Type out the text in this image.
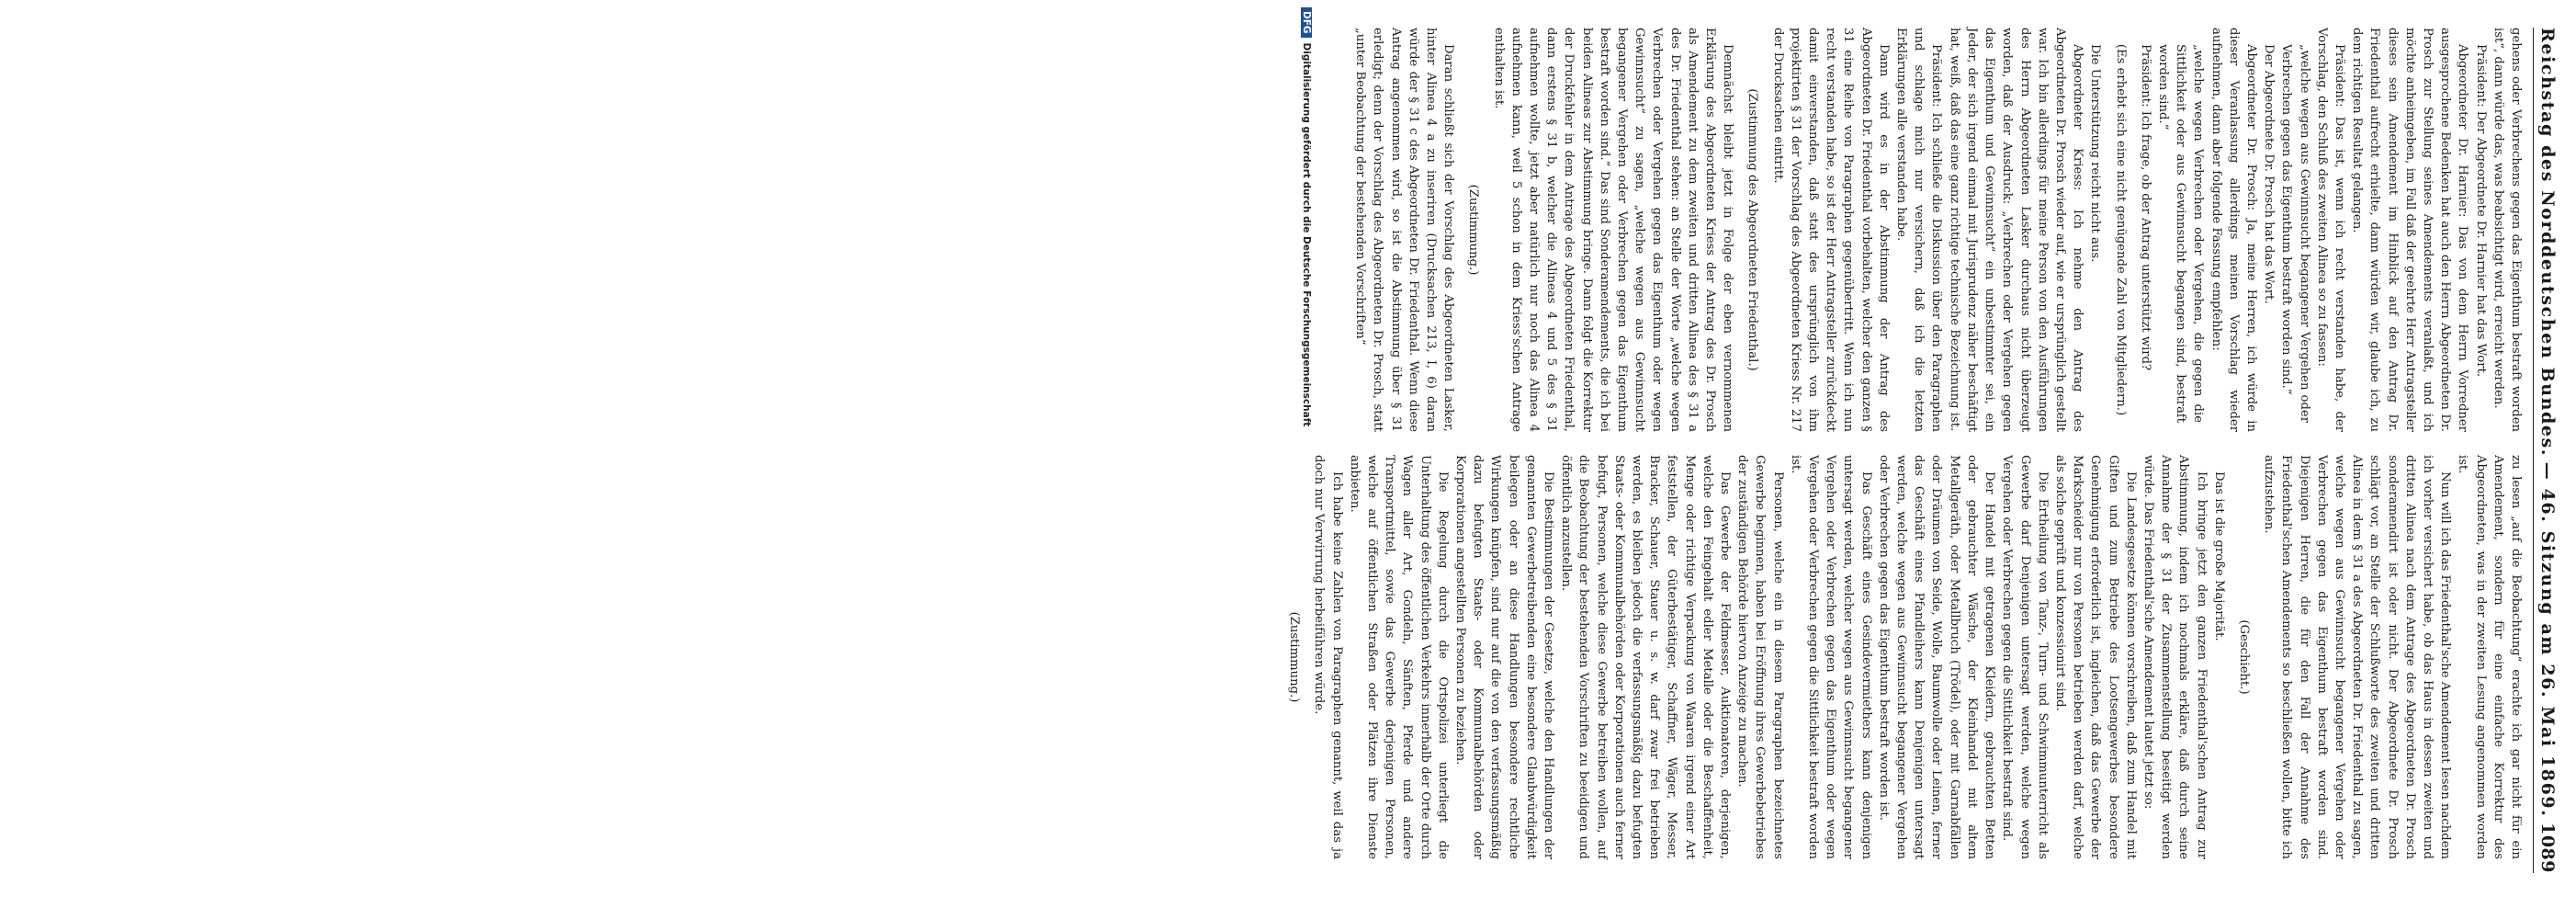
Reichstag des Norddeutschen Bundes.
— 46. Sitzung am 26. Mai 1869.
1089

gehens oder Verbrechens gegen das Eigenthum bestraft worden ist“, dann würde das, was beabsichtigt wird, erreicht werden.

Präsident: Der Abgeordnete Dr. Harnier hat das Wort.

Abgeordneter Dr. Harnier: Das von dem Herrn Vorredner ausgesprochene Bedenken hat auch den Herrn Abgeordneten Dr. Prosch zur Stellung seines Amendements veranlaßt, und ich möchte anheimgeben, im Fall daß der geehrte Herr Antragsteller dieses sein Amendement im Hinblick auf den Antrag Dr. Friedenthal aufrecht erhielte, dann würden wir, glaube ich, zu dem richtigen Resultat gelangen.

Präsident: Das ist, wenn ich recht verstanden habe, der Vorschlag, den Schluß des zweiten Alinea so zu fassen:

„welche wegen aus Gewinnsucht begangener Vergehen oder Verbrechen gegen das Eigenthum bestraft worden sind.“

Der Abgeordnete Dr. Prosch hat das Wort.

Abgeordneter Dr. Prosch: Ja, meine Herren, ich würde in dieser Veranlassung allerdings meinen Vorschlag wieder aufnehmen, dann aber folgende Fassung empfehlen:

„welche wegen Verbrechen oder Vergehen, die gegen die Sittlichkeit oder aus Gewinnsucht begangen sind, bestraft worden sind.“

Präsident: Ich frage, ob der Antrag unterstützt wird?

(Es erhebt sich eine nicht genügende Zahl von Mitgliedern.)

Die Unterstützung reicht nicht aus.

Abgeordneter Kriess: Ich nehme den Antrag des Abgeordneten Dr. Prosch wieder auf, wie er ursprünglich gestellt war. Ich bin allerdings für meine Person von den Ausführungen des Herrn Abgeordneten Lasker durchaus nicht überzeugt worden, daß der Ausdruck: „Verbrechen oder Vergehen gegen das Eigenthum und Gewinnsucht“ ein unbestimmter sei, ein Jeder, der sich irgend einmal mit Jurisprudenz näher beschäftigt hat, weiß, daß das eine ganz richtige technische Bezeichnung ist.

Präsident: Ich schließe die Diskussion über den Paragraphen und schlage mich nur versichern, daß ich die letzten Erklärungen alle verstanden habe.

Dann wird es in der Abstimmung der Antrag des Abgeordneten Dr. Friedenthal vorbehalten, welcher den ganzen § 31 eine Reihe von Paragraphen gegenübertritt. Wenn ich nun recht verstanden habe, so ist der Herr Antragsteller zurückdeckt damit einverstanden, daß statt des ursprünglich von ihm projektirten § 31 der Vorschlag des Abgeordneten Kriess Nr. 217 der Drucksachen eintritt.

(Zustimmung des Abgeordneten Friedenthal.)

Demnächst bleibt jetzt in Folge der eben vernommenen Erklärung des Abgeordneten Kriess der Antrag des Dr. Prosch als Amendement zu dem zweiten und dritten Alinea des § 31 a des Dr. Friedenthal stehen: an Stelle der Worte „welche wegen Verbrechen oder Vergehen gegen das Eigenthum oder wegen Gewinnsucht“ zu sagen, „welche wegen aus Gewinnsucht begangener Vergehen oder Verbrechen gegen das Eigenthum bestraft worden sind.“ Das sind Sonderamendements, die ich bei beiden Alineas zur Abstimmung bringe. Dann folgt die Korrektur der Druckfehler in dem Antrage des Abgeordneten Friedenthal, dann erstens § 31 b, welcher die Alineas 4 und 5 des § 31 aufnehmen wollte, jetzt aber natürlich nur noch das Alinea 4 aufnehmen kann, weil 5 schon in dem Kriess'schen Antrage enthalten ist.

(Zustimmung.)

Daran schließt sich der Vorschlag des Abgeordneten Lasker, hinter Alinea 4 a zu inseriren (Drucksachen 213, I, 6) daran würde der § 31 c des Abgeordneten Dr. Friedenthal. Wenn diese Antrag angenommen wird, so ist die Abstimmung über § 31 erledigt; denn der Vorschlag des Abgeordneten Dr. Prosch, statt „unter Beobachtung der bestehenden Vorschriften“

zu lesen „auf die Beobachtung“ erachte ich gar nicht für ein Amendement, sondern für eine einfache Korrektur des Abgeordneten, was in der zweiten Lesung angenommen worden ist.

Nun will ich das Friedenthal'sche Amendement lesen nachdem ich vorher versichert habe, ob das Haus in dessen zweiten und dritten Alinea nach dem Antrage des Abgeordneten Dr. Prosch sonderamendirt ist oder nicht. Der Abgeordnete Dr. Prosch schlägt vor, an Stelle der Schlußworte des zweiten und dritten Alinea in dem § 31 a des Abgeordneten Dr. Friedenthal zu sagen, welche wegen aus Gewinnsucht begangener Vergehen oder Verbrechen gegen das Eigenthum bestraft worden sind. Diejenigen Herren, die für den Fall der Annahme des Friedenthal'schen Amendements so beschließen wollen, bitte ich aufzustehen.

(Geschieht.)

Das ist die große Majorität.

Ich bringe jetzt den ganzen Friedenthal'schen Antrag zur Abstimmung, indem ich nochmals erkläre, daß durch seine Annahme der § 31 der Zusammenstellung beseitigt werden würde. Das Friedenthal'sche Amendement lautet jetzt so:

Die Landesgesetze können vorschreiben, daß zum Handel mit Giften und zum Betriebe des Lootsengewerbes besondere Genehmigung erforderlich ist, ingleichen, daß das Gewerbe der Markscheider nur von Personen betrieben werden darf, welche als solche geprüft und konzessionirt sind.

Die Ertheilung von Tanz-, Turn- und Schwimmunterricht als Gewerbe darf Denjenigen untersagt werden, welche wegen Vergehen oder Verbrechen gegen die Sittlichkeit bestraft sind.

Der Handel mit getragenen Kleidern, gebrauchten Betten oder gebrauchter Wäsche, der Kleinhandel mit altem Metallgeräth, oder Metallbruch (Trödel), oder mit Garnabfällen oder Dräumen von Seide, Wolle, Baumwolle oder Leinen, ferner das Geschäft eines Pfandleihers kann Denjenigen untersagt werden, welche wegen aus Gewinnsucht begangener Vergehen oder Verbrechen gegen das Eigenthum bestraft worden ist.

Das Geschäft eines Gesindevermiethers kann denjenigen untersagt werden, welcher wegen aus Gewinnsucht begangener Vergehen oder Verbrechen gegen das Eigenthum oder wegen Vergehen oder Verbrechen gegen die Sittlichkeit bestraft worden ist.

Personen, welche ein in diesem Paragraphen bezeichnetes Gewerbe beginnen, haben bei Eröffnung ihres Gewerbebetriebes der zuständigen Behörde hiervon Anzeige zu machen.

Das Gewerbe der Feldmesser, Auktionatoren, derjenigen, welche den Feingehalt edler Metalle oder die Beschaffenheit, Menge oder richtige Verpackung von Waaren irgend einer Art feststellen, der Güterbestätiger, Schaffner, Wäger, Messer, Bracker, Schauer, Stauer u. s. w. darf zwar frei betrieben werden, es bleiben jedoch die verfassungsmäßig dazu befugten Staats- oder Kommunalbehörden oder Korporationen auch ferner befugt, Personen, welche diese Gewerbe betreiben wollen, auf die Beobachtung der bestehenden Vorschriften zu beeidigen und öffentlich anzustellen.

Die Bestimmungen der Gesetze, welche den Handlungen der genannten Gewerbetreibenden eine besondere Glaubwürdigkeit beilegen oder an diese Handlungen besondere rechtliche Wirkungen knüpfen, sind nur auf die von den verfassungsmäßig dazu befugten Staats- oder Kommunalbehörden oder Korporationen angestellten Personen zu beziehen.

Die Regelung durch die Ortspolizei unterliegt die Unterhaltung des öffentlichen Verkehrs innerhalb der Orte durch Wagen aller Art, Gondeln, Sänften, Pferde und andere Transportmittel, sowie das Gewerbe derjenigen Personen, welche auf öffentlichen Straßen oder Plätzen ihre Dienste anbieten.

Ich habe keine Zahlen von Paragraphen genannt, weil das ja doch nur Verwirrung herbeiführen würde.

(Zustimmung.)

DFGDigitalisierung gefördert durch die Deutsche Forschungsgemeinschaft
